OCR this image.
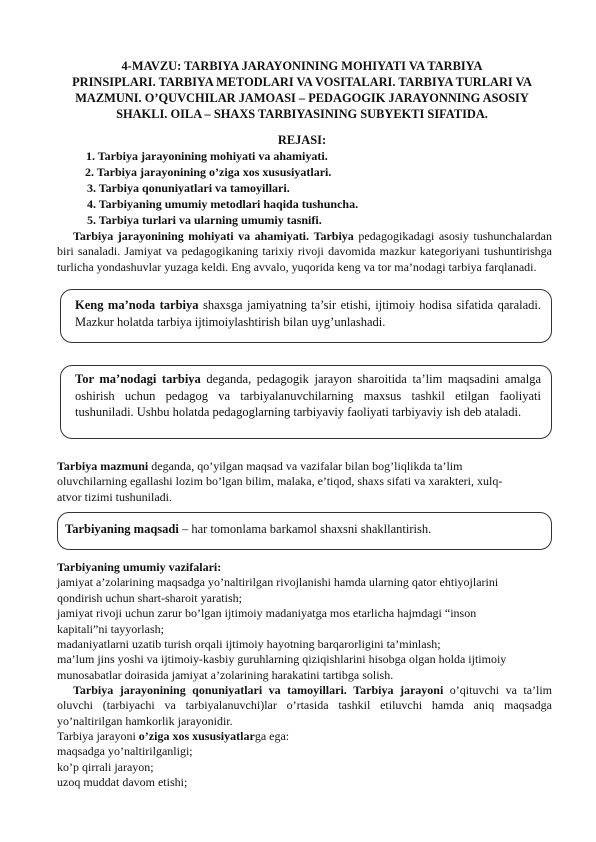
4-MAVZU: TARBIYA JARAYONINING MOHIYATI VA TARBIYA
PRINSIPLARI. TARBIYA METODLARI VA VOSITALARI. TARBIYA TURLARI VA
MAZMUNI. O’QUVCHILAR JAMOASI – PEDAGOGIK JARAYONNING ASOSIY
SHAKLI. OILA – SHAXS TARBIYASINING SUBYEKTI SIFATIDA.
REJASI:
1. Tarbiya jarayonining mohiyati va ahamiyati.
2. Tarbiya jarayonining o’ziga xos xususiyatlari.
3. Tarbiya qonuniyatlari va tamoyillari.
4. Tarbiyaning umumiy metodlari haqida tushuncha.
5. Tarbiya turlari va ularning umumiy tasnifi.
Tarbiya jarayonining mohiyati va ahamiyati. Tarbiya pedagogikadagi asosiy tushunchalardan biri sanaladi. Jamiyat va pedagogikaning tarixiy rivoji davomida mazkur kategoriyani tushuntirishga turlicha yondashuvlar yuzaga keldi. Eng avvalo, yuqorida keng va tor ma’nodagi tarbiya farqlanadi.
Keng ma’noda tarbiya shaxsga jamiyatning ta’sir etishi, ijtimoiy hodisa sifatida qaraladi. Mazkur holatda tarbiya ijtimoiylashtirish bilan uyg’unlashadi.
Tor ma’nodagi tarbiya deganda, pedagogik jarayon sharoitida ta’lim maqsadini amalga oshirish uchun pedagog va tarbiyalanuvchilarning maxsus tashkil etilgan faoliyati tushuniladi. Ushbu holatda pedagoglarning tarbiyaviy faoliyati tarbiyaviy ish deb ataladi.
Tarbiya mazmuni deganda, qo’yilgan maqsad va vazifalar bilan bog’liqlikda ta’lim
oluvchilarning egallashi lozim bo’lgan bilim, malaka, e’tiqod, shaxs sifati va xarakteri, xulq-
atvor tizimi tushuniladi.
Tarbiyaning maqsadi – har tomonlama barkamol shaxsni shakllantirish.
Tarbiyaning umumiy vazifalari:
jamiyat a’zolarining maqsadga yo’naltirilgan rivojlanishi hamda ularning qator ehtiyojlarini
qondirish uchun shart-sharoit yaratish;
jamiyat rivoji uchun zarur bo’lgan ijtimoiy madaniyatga mos etarlicha hajmdagi “inson
kapitali”ni tayyorlash;
madaniyatlarni uzatib turish orqali ijtimoiy hayotning barqarorligini ta’minlash;
ma’lum jins yoshi va ijtimoiy-kasbiy guruhlarning qiziqishlarini hisobga olgan holda ijtimoiy
munosabatlar doirasida jamiyat a’zolarining harakatini tartibga solish.
Tarbiya jarayonining qonuniyatlari va tamoyillari. Tarbiya jarayoni o’qituvchi va ta’lim oluvchi (tarbiyachi va tarbiyalanuvchi)lar o’rtasida tashkil etiluvchi hamda aniq maqsadga yo’naltirilgan hamkorlik jarayonidir.
Tarbiya jarayoni o’ziga xos xususiyatlarga ega:
maqsadga yo’naltirilganligi;
ko’p qirrali jarayon;
uzoq muddat davom etishi;
